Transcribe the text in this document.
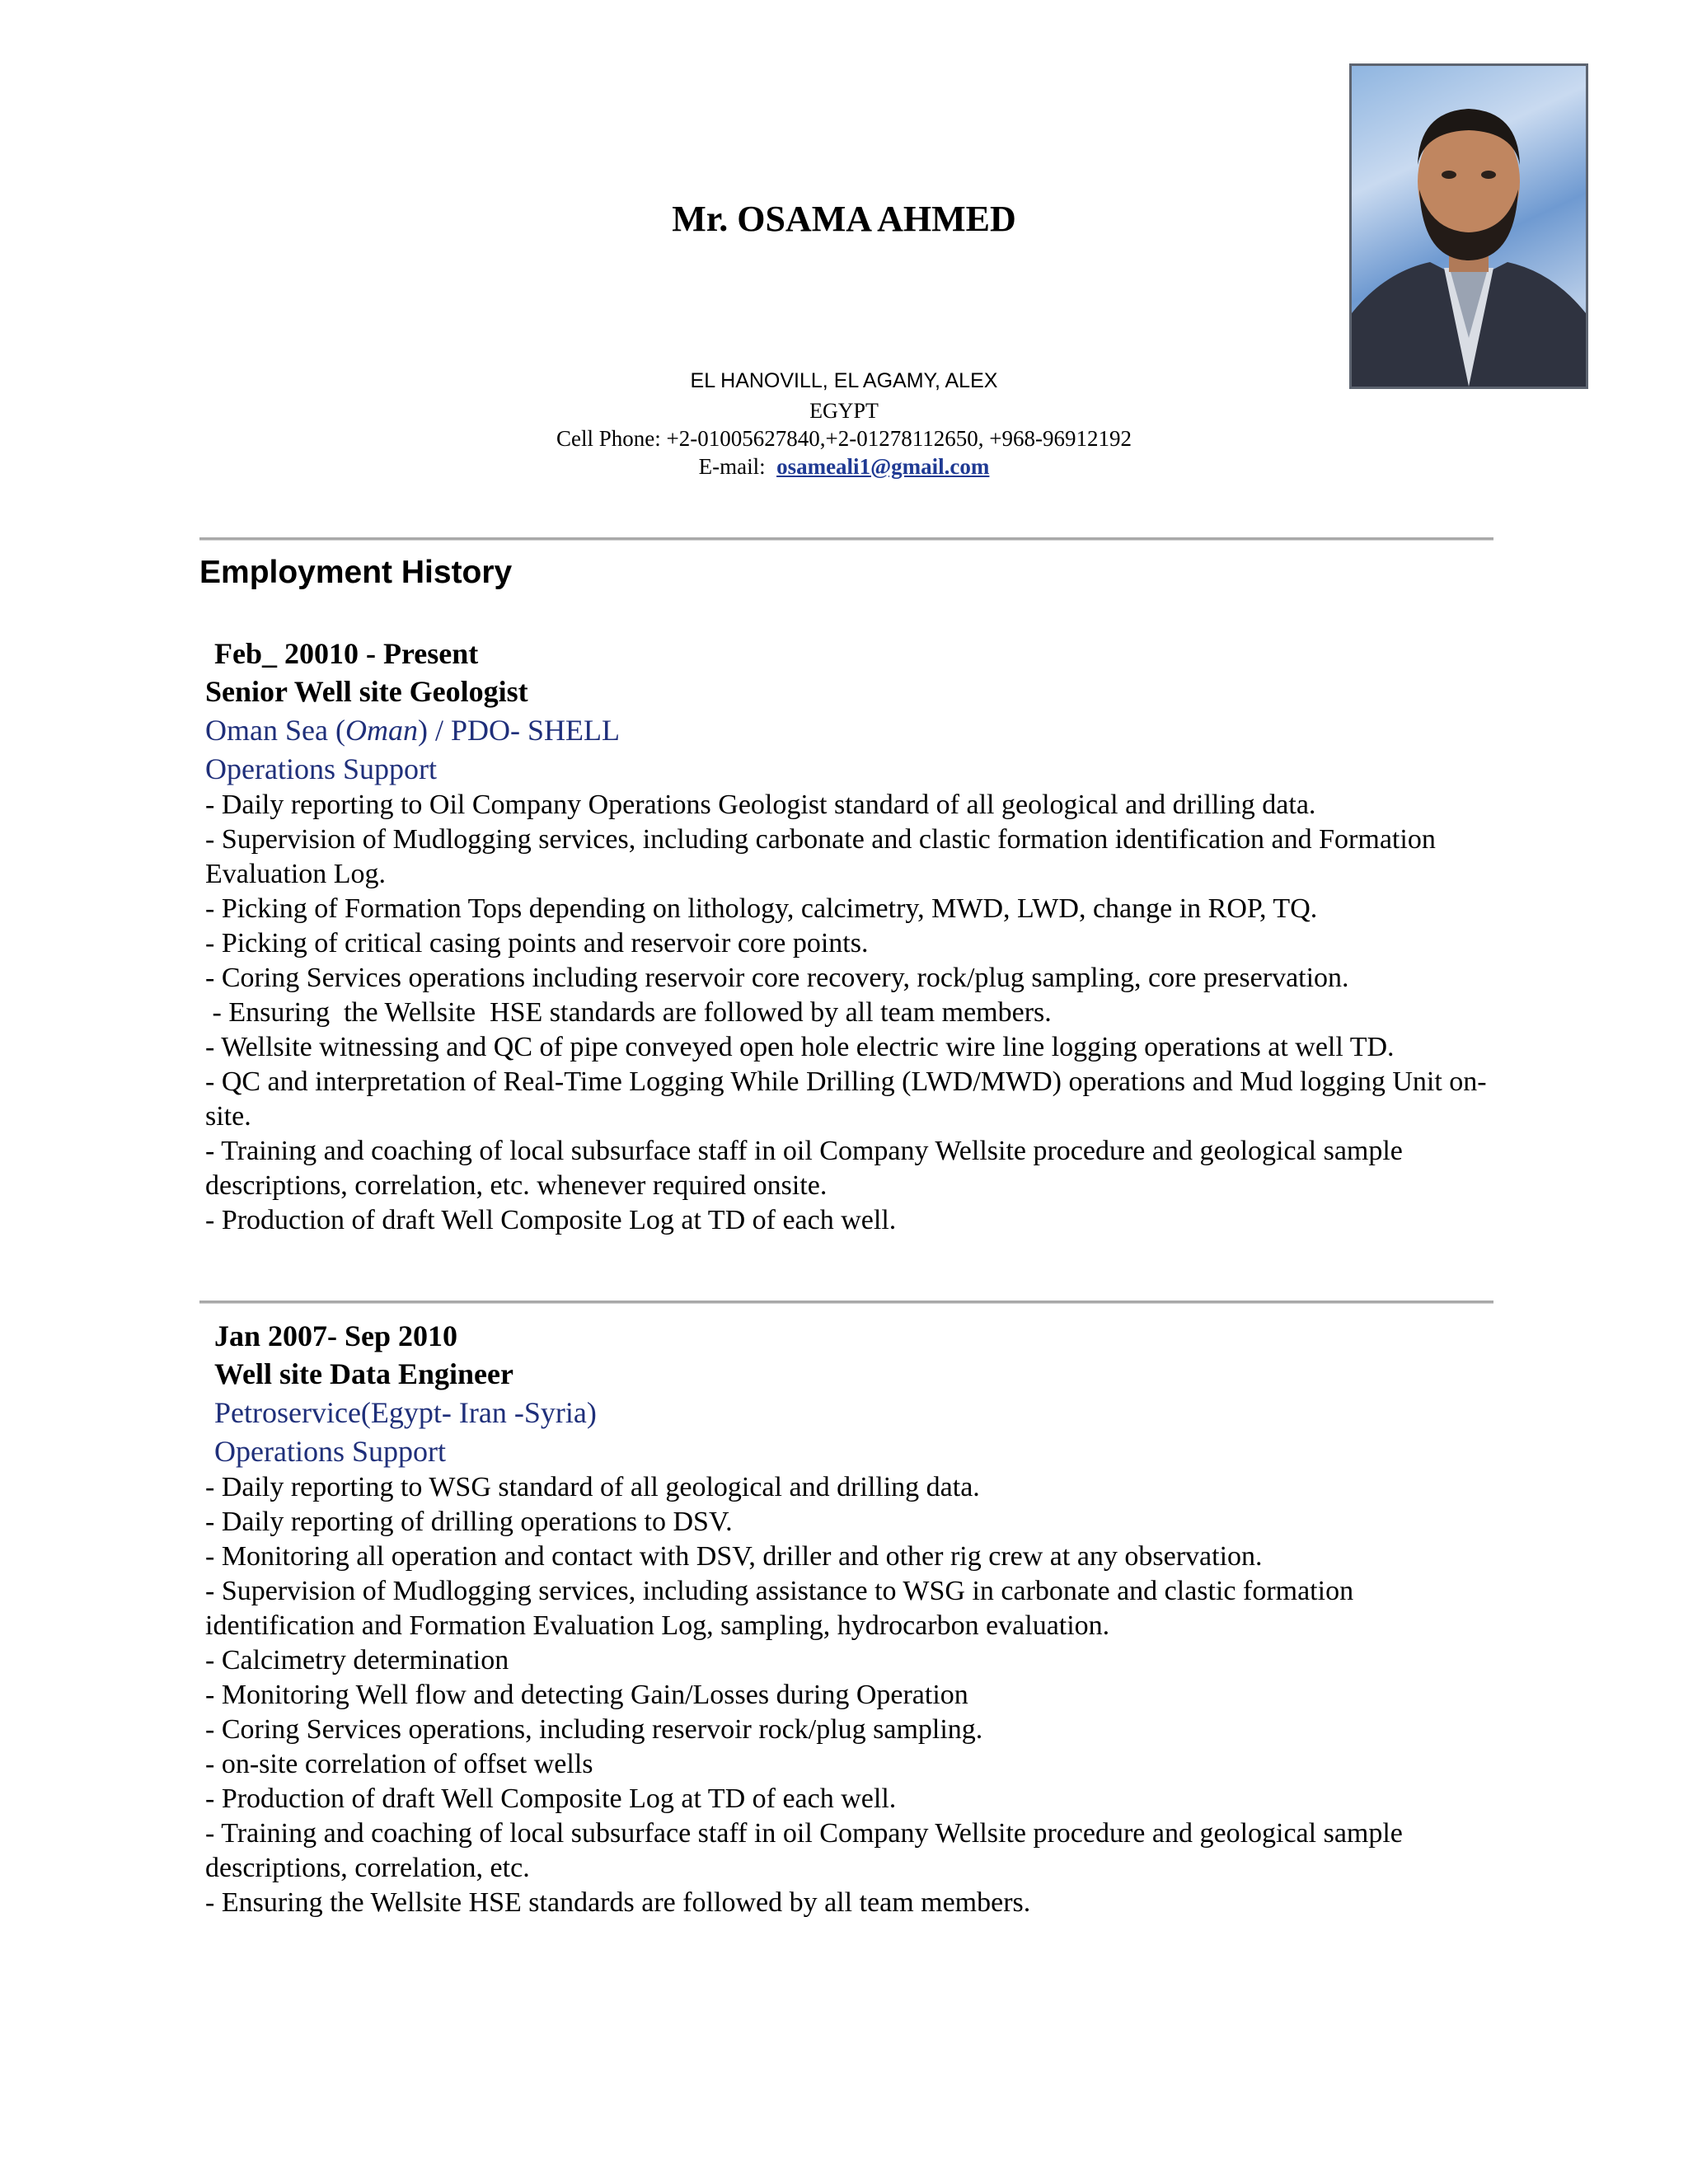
Mr. OSAMA AHMED
EL HANOVILL, EL AGAMY, ALEX
EGYPT
Cell Phone: +2-01005627840,+2-01278112650, +968-96912192
E-mail: osameali1@gmail.com
Employment History
Feb_ 20010 - Present
Senior Well site Geologist
Oman Sea (Oman) / PDO- SHELL
Operations Support
- Daily reporting to Oil Company Operations Geologist standard of all geological and drilling data.
- Supervision of Mudlogging services, including carbonate and clastic formation identification and Formation Evaluation Log.
- Picking of Formation Tops depending on lithology, calcimetry, MWD, LWD, change in ROP, TQ.
- Picking of critical casing points and reservoir core points.
- Coring Services operations including reservoir core recovery, rock/plug sampling, core preservation.
- Ensuring  the Wellsite  HSE standards are followed by all team members.
- Wellsite witnessing and QC of pipe conveyed open hole electric wire line logging operations at well TD.
- QC and interpretation of Real-Time Logging While Drilling (LWD/MWD) operations and Mud logging Unit on-site.
- Training and coaching of local subsurface staff in oil Company Wellsite procedure and geological sample descriptions, correlation, etc. whenever required onsite.
- Production of draft Well Composite Log at TD of each well.
Jan 2007- Sep 2010
Well site Data Engineer
Petroservice(Egypt- Iran -Syria)
Operations Support
- Daily reporting to WSG standard of all geological and drilling data.
- Daily reporting of drilling operations to DSV.
- Monitoring all operation and contact with DSV, driller and other rig crew at any observation.
- Supervision of Mudlogging services, including assistance to WSG in carbonate and clastic formation identification and Formation Evaluation Log, sampling, hydrocarbon evaluation.
- Calcimetry determination
- Monitoring Well flow and detecting Gain/Losses during Operation
- Coring Services operations, including reservoir rock/plug sampling.
- on-site correlation of offset wells
- Production of draft Well Composite Log at TD of each well.
- Training and coaching of local subsurface staff in oil Company Wellsite procedure and geological sample descriptions, correlation, etc.
- Ensuring the Wellsite HSE standards are followed by all team members.
